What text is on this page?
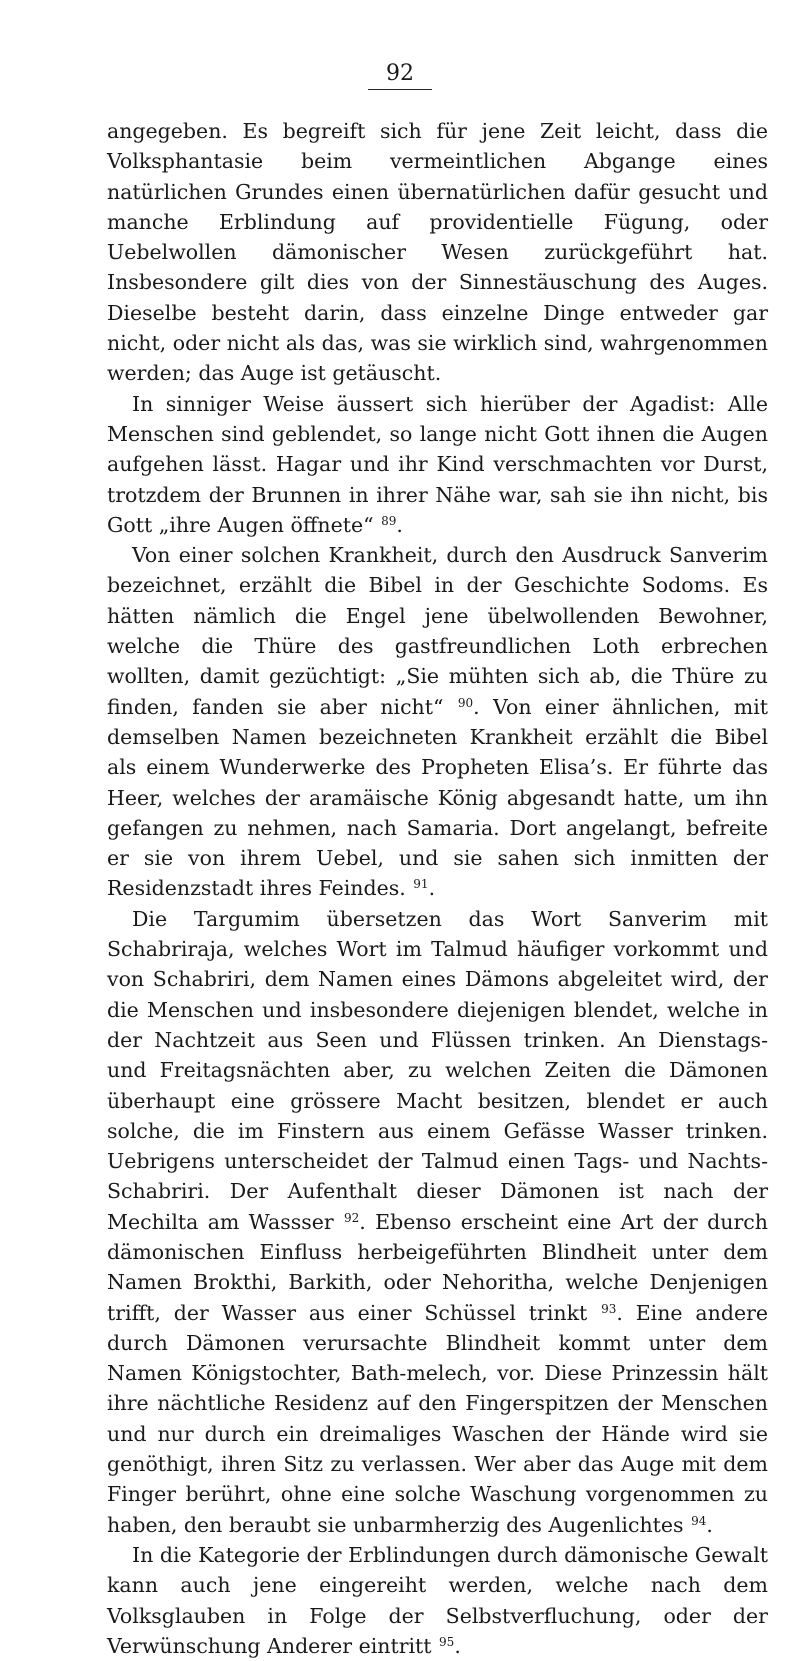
92

angegeben. Es begreift sich für jene Zeit leicht, dass die Volksphantasie beim vermeintlichen Abgange eines natürlichen Grundes einen übernatürlichen dafür gesucht und manche Erblindung auf providentielle Fügung, oder Uebelwollen dämonischer Wesen zurückgeführt hat. Insbesondere gilt dies von der Sinnestäuschung des Auges. Dieselbe besteht darin, dass einzelne Dinge entweder gar nicht, oder nicht als das, was sie wirklich sind, wahrgenommen werden; das Auge ist getäuscht.

In sinniger Weise äussert sich hierüber der Agadist: Alle Menschen sind geblendet, so lange nicht Gott ihnen die Augen aufgehen lässt. Hagar und ihr Kind verschmachten vor Durst, trotzdem der Brunnen in ihrer Nähe war, sah sie ihn nicht, bis Gott „ihre Augen öffnete“ $^{89}$.

Von einer solchen Krankheit, durch den Ausdruck Sanverim bezeichnet, erzählt die Bibel in der Geschichte Sodoms. Es hätten nämlich die Engel jene übelwollenden Bewohner, welche die Thüre des gastfreundlichen Loth erbrechen wollten, damit gezüchtigt: „Sie mühten sich ab, die Thüre zu finden, fanden sie aber nicht“ $^{90}$. Von einer ähnlichen, mit demselben Namen bezeichneten Krankheit erzählt die Bibel als einem Wunderwerke des Propheten Elisa’s. Er führte das Heer, welches der aramäische König abgesandt hatte, um ihn gefangen zu nehmen, nach Samaria. Dort angelangt, befreite er sie von ihrem Uebel, und sie sahen sich inmitten der Residenzstadt ihres Feindes. $^{91}$.

Die Targumim übersetzen das Wort Sanverim mit Schabriraja, welches Wort im Talmud häufiger vorkommt und von Schabriri, dem Namen eines Dämons abgeleitet wird, der die Menschen und insbesondere diejenigen blendet, welche in der Nachtzeit aus Seen und Flüssen trinken. An Dienstags- und Freitagsnächten aber, zu welchen Zeiten die Dämonen überhaupt eine grössere Macht besitzen, blendet er auch solche, die im Finstern aus einem Gefässe Wasser trinken. Uebrigens unterscheidet der Talmud einen Tags- und Nachts-Schabriri. Der Aufenthalt dieser Dämonen ist nach der Mechilta am Wassser $^{92}$. Ebenso erscheint eine Art der durch dämonischen Einfluss herbeigeführten Blindheit unter dem Namen Brokthi, Barkith, oder Nehoritha, welche Denjenigen trifft, der Wasser aus einer Schüssel trinkt $^{93}$. Eine andere durch Dämonen verursachte Blindheit kommt unter dem Namen Königstochter, Bath-melech, vor. Diese Prinzessin hält ihre nächtliche Residenz auf den Fingerspitzen der Menschen und nur durch ein dreimaliges Waschen der Hände wird sie genöthigt, ihren Sitz zu verlassen. Wer aber das Auge mit dem Finger berührt, ohne eine solche Waschung vorgenommen zu haben, den beraubt sie unbarmherzig des Augenlichtes $^{94}$.

In die Kategorie der Erblindungen durch dämonische Gewalt kann auch jene eingereiht werden, welche nach dem Volksglauben in Folge der Selbstverfluchung, oder der Verwünschung Anderer eintritt $^{95}$.
